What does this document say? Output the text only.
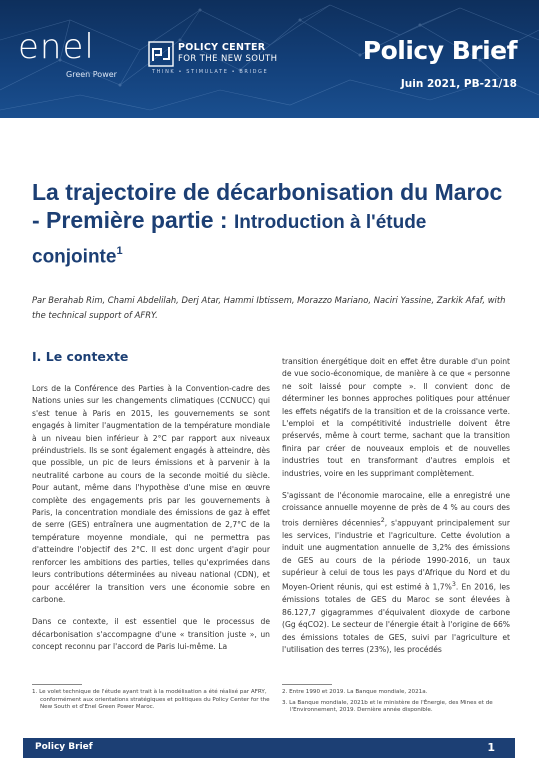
enel
Green Power
POLICY CENTER
FOR THE NEW SOUTH
THINK • STIMULATE • BRIDGE
Policy Brief
Juin 2021, PB-21/18
La trajectoire de décarbonisation du Maroc - Première partie : Introduction à l'étude conjointe$^1$
Par Berahab Rim, Chami Abdelilah, Derj Atar, Hammi Ibtissem, Morazzo Mariano, Naciri Yassine, Zarkik Afaf, with the technical support of AFRY.
I. Le contexte

Lors de la Conférence des Parties à la Convention-cadre des Nations unies sur les changements climatiques (CCNUCC) qui s'est tenue à Paris en 2015, les gouvernements se sont engagés à limiter l'augmentation de la température mondiale à un niveau bien inférieur à 2°C par rapport aux niveaux préindustriels. Ils se sont également engagés à atteindre, dès que possible, un pic de leurs émissions et à parvenir à la neutralité carbone au cours de la seconde moitié du siècle. Pour autant, même dans l'hypothèse d'une mise en œuvre complète des engagements pris par les gouvernements à Paris, la concentration mondiale des émissions de gaz à effet de serre (GES) entraînera une augmentation de 2,7°C de la température moyenne mondiale, qui ne permettra pas d'atteindre l'objectif des 2°C. Il est donc urgent d'agir pour renforcer les ambitions des parties, telles qu'exprimées dans leurs contributions déterminées au niveau national (CDN), et pour accélérer la transition vers une économie sobre en carbone.

Dans ce contexte, il est essentiel que le processus de décarbonisation s'accompagne d'une « transition juste », un concept reconnu par l'accord de Paris lui-même. La

transition énergétique doit en effet être durable d'un point de vue socio-économique, de manière à ce que « personne ne soit laissé pour compte ». Il convient donc de déterminer les bonnes approches politiques pour atténuer les effets négatifs de la transition et de la croissance verte. L'emploi et la compétitivité industrielle doivent être préservés, même à court terme, sachant que la transition finira par créer de nouveaux emplois et de nouvelles industries tout en transformant d'autres emplois et industries, voire en les supprimant complètement.

S'agissant de l'économie marocaine, elle a enregistré une croissance annuelle moyenne de près de 4 % au cours des trois dernières décennies$^2$, s'appuyant principalement sur les services, l'industrie et l'agriculture. Cette évolution a induit une augmentation annuelle de 3,2% des émissions de GES au cours de la période 1990-2016, un taux supérieur à celui de tous les pays d'Afrique du Nord et du Moyen-Orient réunis, qui est estimé à 1,7%$^3$. En 2016, les émissions totales de GES du Maroc se sont élevées à 86.127,7 gigagrammes d'équivalent dioxyde de carbone (Gg éqCO2). Le secteur de l'énergie était à l'origine de 66% des émissions totales de GES, suivi par l'agriculture et l'utilisation des terres (23%), les procédés

1. Le volet technique de l'étude ayant trait à la modélisation a été réalisé par AFRY, conformément aux orientations stratégiques et politiques du Policy Center for the New South et d'Enel Green Power Maroc.
2. Entre 1990 et 2019. La Banque mondiale, 2021a.
3. La Banque mondiale, 2021b et le ministère de l'Énergie, des Mines et de l'Environnement, 2019. Dernière année disponible.
Policy Brief	1
